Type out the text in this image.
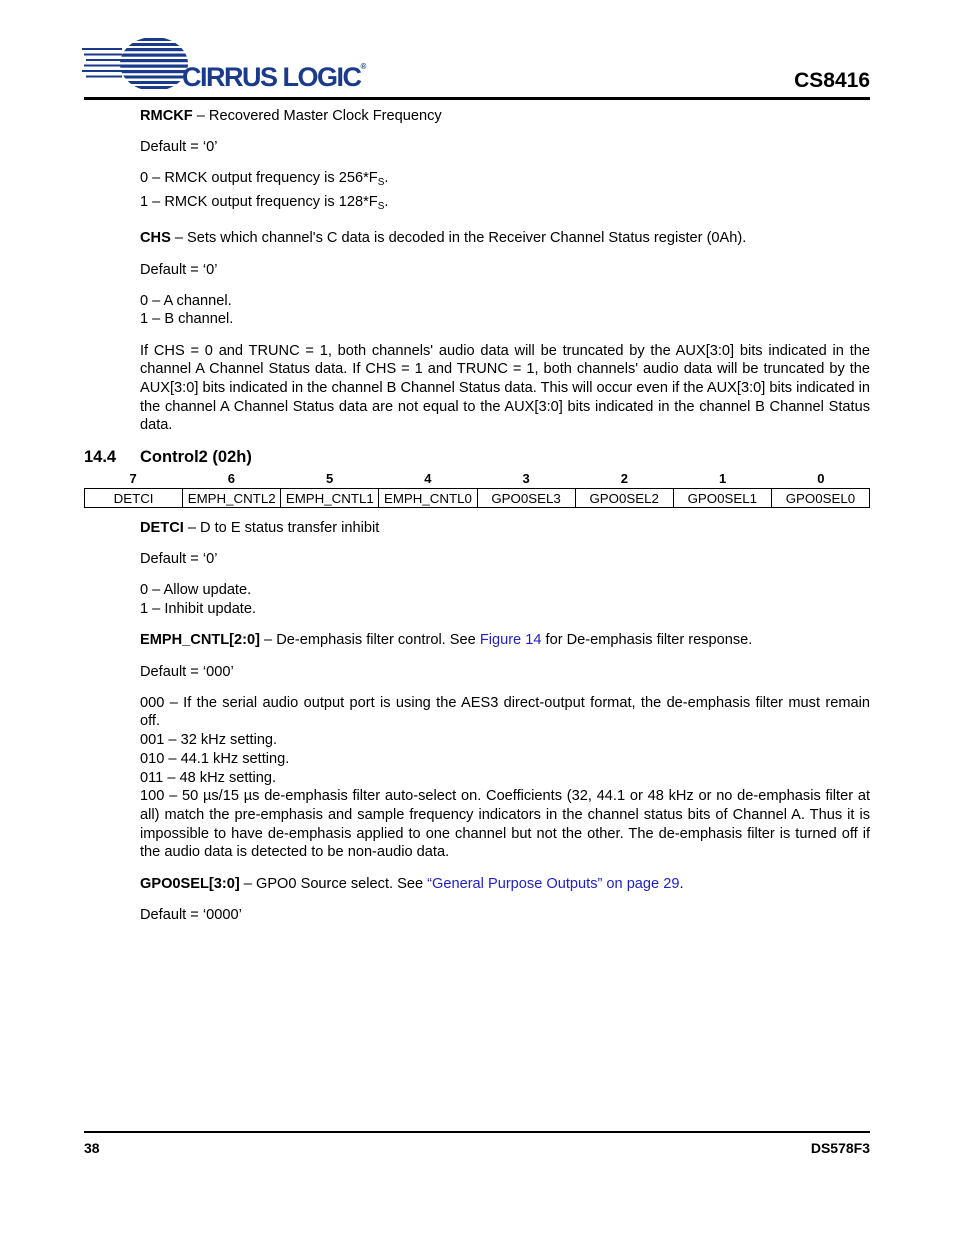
CIRRUS LOGIC®
CS8416

RMCKF – Recovered Master Clock Frequency

Default = ‘0’

0 – RMCK output frequency is $256*F_S$.

1 – RMCK output frequency is $128*F_S$.

CHS – Sets which channel's C data is decoded in the Receiver Channel Status register (0Ah).

Default = ‘0’

0 – A channel.

1 – B channel.

If CHS = 0 and TRUNC = 1, both channels' audio data will be truncated by the AUX[3:0] bits indicated in the channel A Channel Status data. If CHS = 1 and TRUNC = 1, both channels' audio data will be truncated by the AUX[3:0] bits indicated in the channel B Channel Status data. This will occur even if the AUX[3:0] bits indicated in the channel A Channel Status data are not equal to the AUX[3:0] bits indicated in the channel B Channel Status data.

14.4 Control2 (02h)
7	6	5	4	3	2	1	0
DETCI	EMPH_CNTL2	EMPH_CNTL1	EMPH_CNTL0	GPO0SEL3	GPO0SEL2	GPO0SEL1	GPO0SEL0

DETCI – D to E status transfer inhibit

Default = ‘0’

0 – Allow update.

1 – Inhibit update.

EMPH_CNTL[2:0] – De-emphasis filter control. See Figure 14 for De-emphasis filter response.

Default = ‘000’

000 – If the serial audio output port is using the AES3 direct-output format, the de-emphasis filter must remain off.

001 – 32 kHz setting.

010 – 44.1 kHz setting.

011 – 48 kHz setting.

100 – 50 µs/15 µs de-emphasis filter auto-select on. Coefficients (32, 44.1 or 48 kHz or no de-emphasis filter at all) match the pre-emphasis and sample frequency indicators in the channel status bits of Channel A. Thus it is impossible to have de-emphasis applied to one channel but not the other. The de-emphasis filter is turned off if the audio data is detected to be non-audio data.

GPO0SEL[3:0] – GPO0 Source select. See “General Purpose Outputs” on page 29.

Default = ‘0000’

38	DS578F3
